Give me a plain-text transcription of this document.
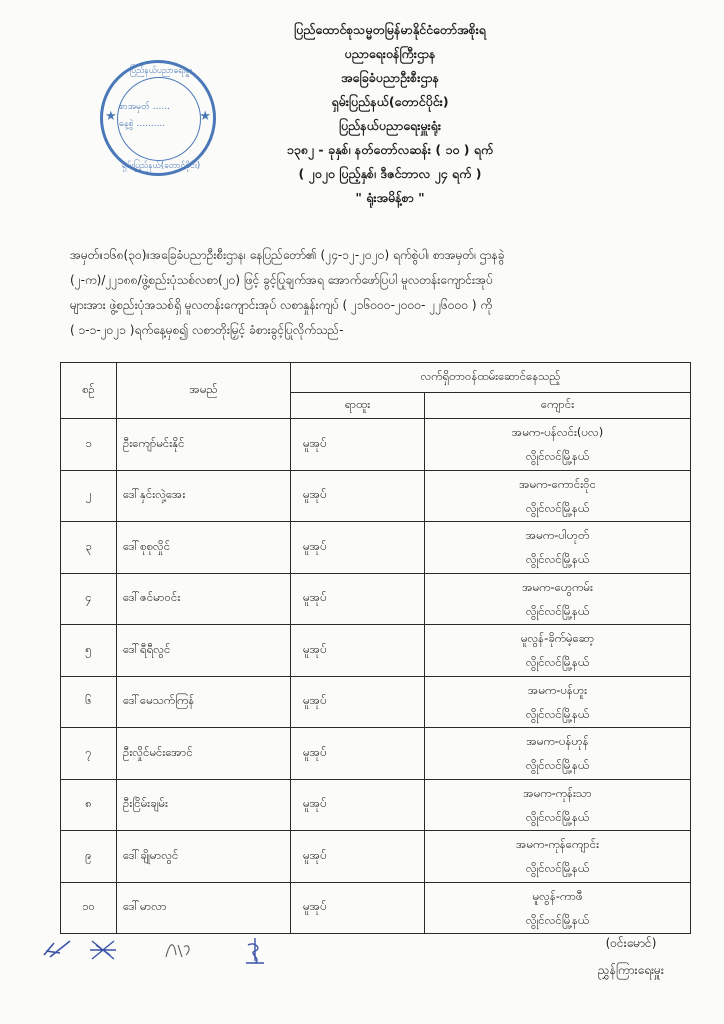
ပြည်ထောင်စုသမ္မတမြန်မာနိုင်ငံတော်အစိုးရ
ပညာရေးဝန်ကြီးဌာန
အခြေခံပညာဦးစီးဌာန
ရှမ်းပြည်နယ်(တောင်ပိုင်း)
ပြည်နယ်ပညာရေးမှူးရုံး
၁၃၈၂ - ခုနှစ်၊ နတ်တော်လဆန်း ( ၁၀ ) ရက်
( ၂၀၂၀ ပြည့်နှစ်၊ ဒီဇင်ဘာလ ၂၄ ရက် )
" ရုံးအမိန့်စာ "
ပြည်နယ်ပညာရေးမှူး
★	★
စာအမှတ် ......
နေ့စွဲ ..........
ရှမ်းပြည်နယ်(တောင်ပိုင်း)
အမှတ်။၁၆၈(၃၀)။အခြေခံပညာဦးစီးဌာန၊ နေပြည်တော်၏ (၂၄-၁၂-၂၀၂၀) ရက်စွဲပါ၊ စာအမှတ်၊ ဌာနခွဲ
(၂-က)/၂၂၁၈၈/ဖွဲ့စည်းပုံသစ်လစာ(၂၀) ဖြင့် ခွင့်ပြုချက်အရ အောက်ဖော်ပြပါ မူလတန်းကျောင်းအုပ်
များအား ဖွဲ့စည်းပုံအသစ်ရှိ မူလတန်းကျောင်းအုပ် လစာနှုန်းကျပ် ( ၂၁၆၀၀၀-၂၀၀၀- ၂၂၆၀၀၀ ) ကို
( ၁-၁-၂၀၂၁ )ရက်နေ့မှစ၍ လစာတိုးမြှင့် ခံစားခွင့်ပြုလိုက်သည်-
စဉ်	အမည်	လက်ရှိတာဝန်ထမ်းဆောင်နေသည့်	
		ရာထူး	ကျောင်း
၁	ဦးကျော်မင်းနိုင်	မူအုပ်	အမက-ပန်လင်း(ပလ)
လွိုင်လင်မြို့နယ်

၂	ဒေါ်နှင်းလှဲ့အေး	မူအုပ်	အမက-ကောင်းဝိုင
လွိုင်လင်မြို့နယ်

၃	ဒေါ်စုစုလှိုင်	မူအုပ်	အမက-ပါဟုတ်
လွိုင်လင်မြို့နယ်

၄	ဒေါ်ဇင်မာဝင်း	မူအုပ်	အမက-ဟွေကမ်း
လွိုင်လင်မြို့နယ်

၅	ဒေါ်ရီရီလွင်	မူအုပ်	မူလွန်-ခိုက်မဲ့ဆော့
လွိုင်လင်မြို့နယ်

၆	ဒေါ်မေသက်ကြန်	မူအုပ်	အမက-ပန်ဟူး
လွိုင်လင်မြို့နယ်

၇	ဦးလှိုင်မင်းအောင်	မူအုပ်	အမက-ပန်ဟုန်
လွိုင်လင်မြို့နယ်

၈	ဦးငြိမ်းချမ်း	မူအုပ်	အမက-ကုန်းသာ
လွိုင်လင်မြို့နယ်

၉	ဒေါ်ချိုမာလွင်	မူအုပ်	အမက-ကုန်ကျောင်း
လွိုင်လင်မြို့နယ်

၁၀	ဒေါ်မာလာ	မူအုပ်	မူလွန်-ကာဖီ
လွိုင်လင်မြို့နယ်
(ဝင်းမောင်)
ညွှန်ကြားရေးမှူး
